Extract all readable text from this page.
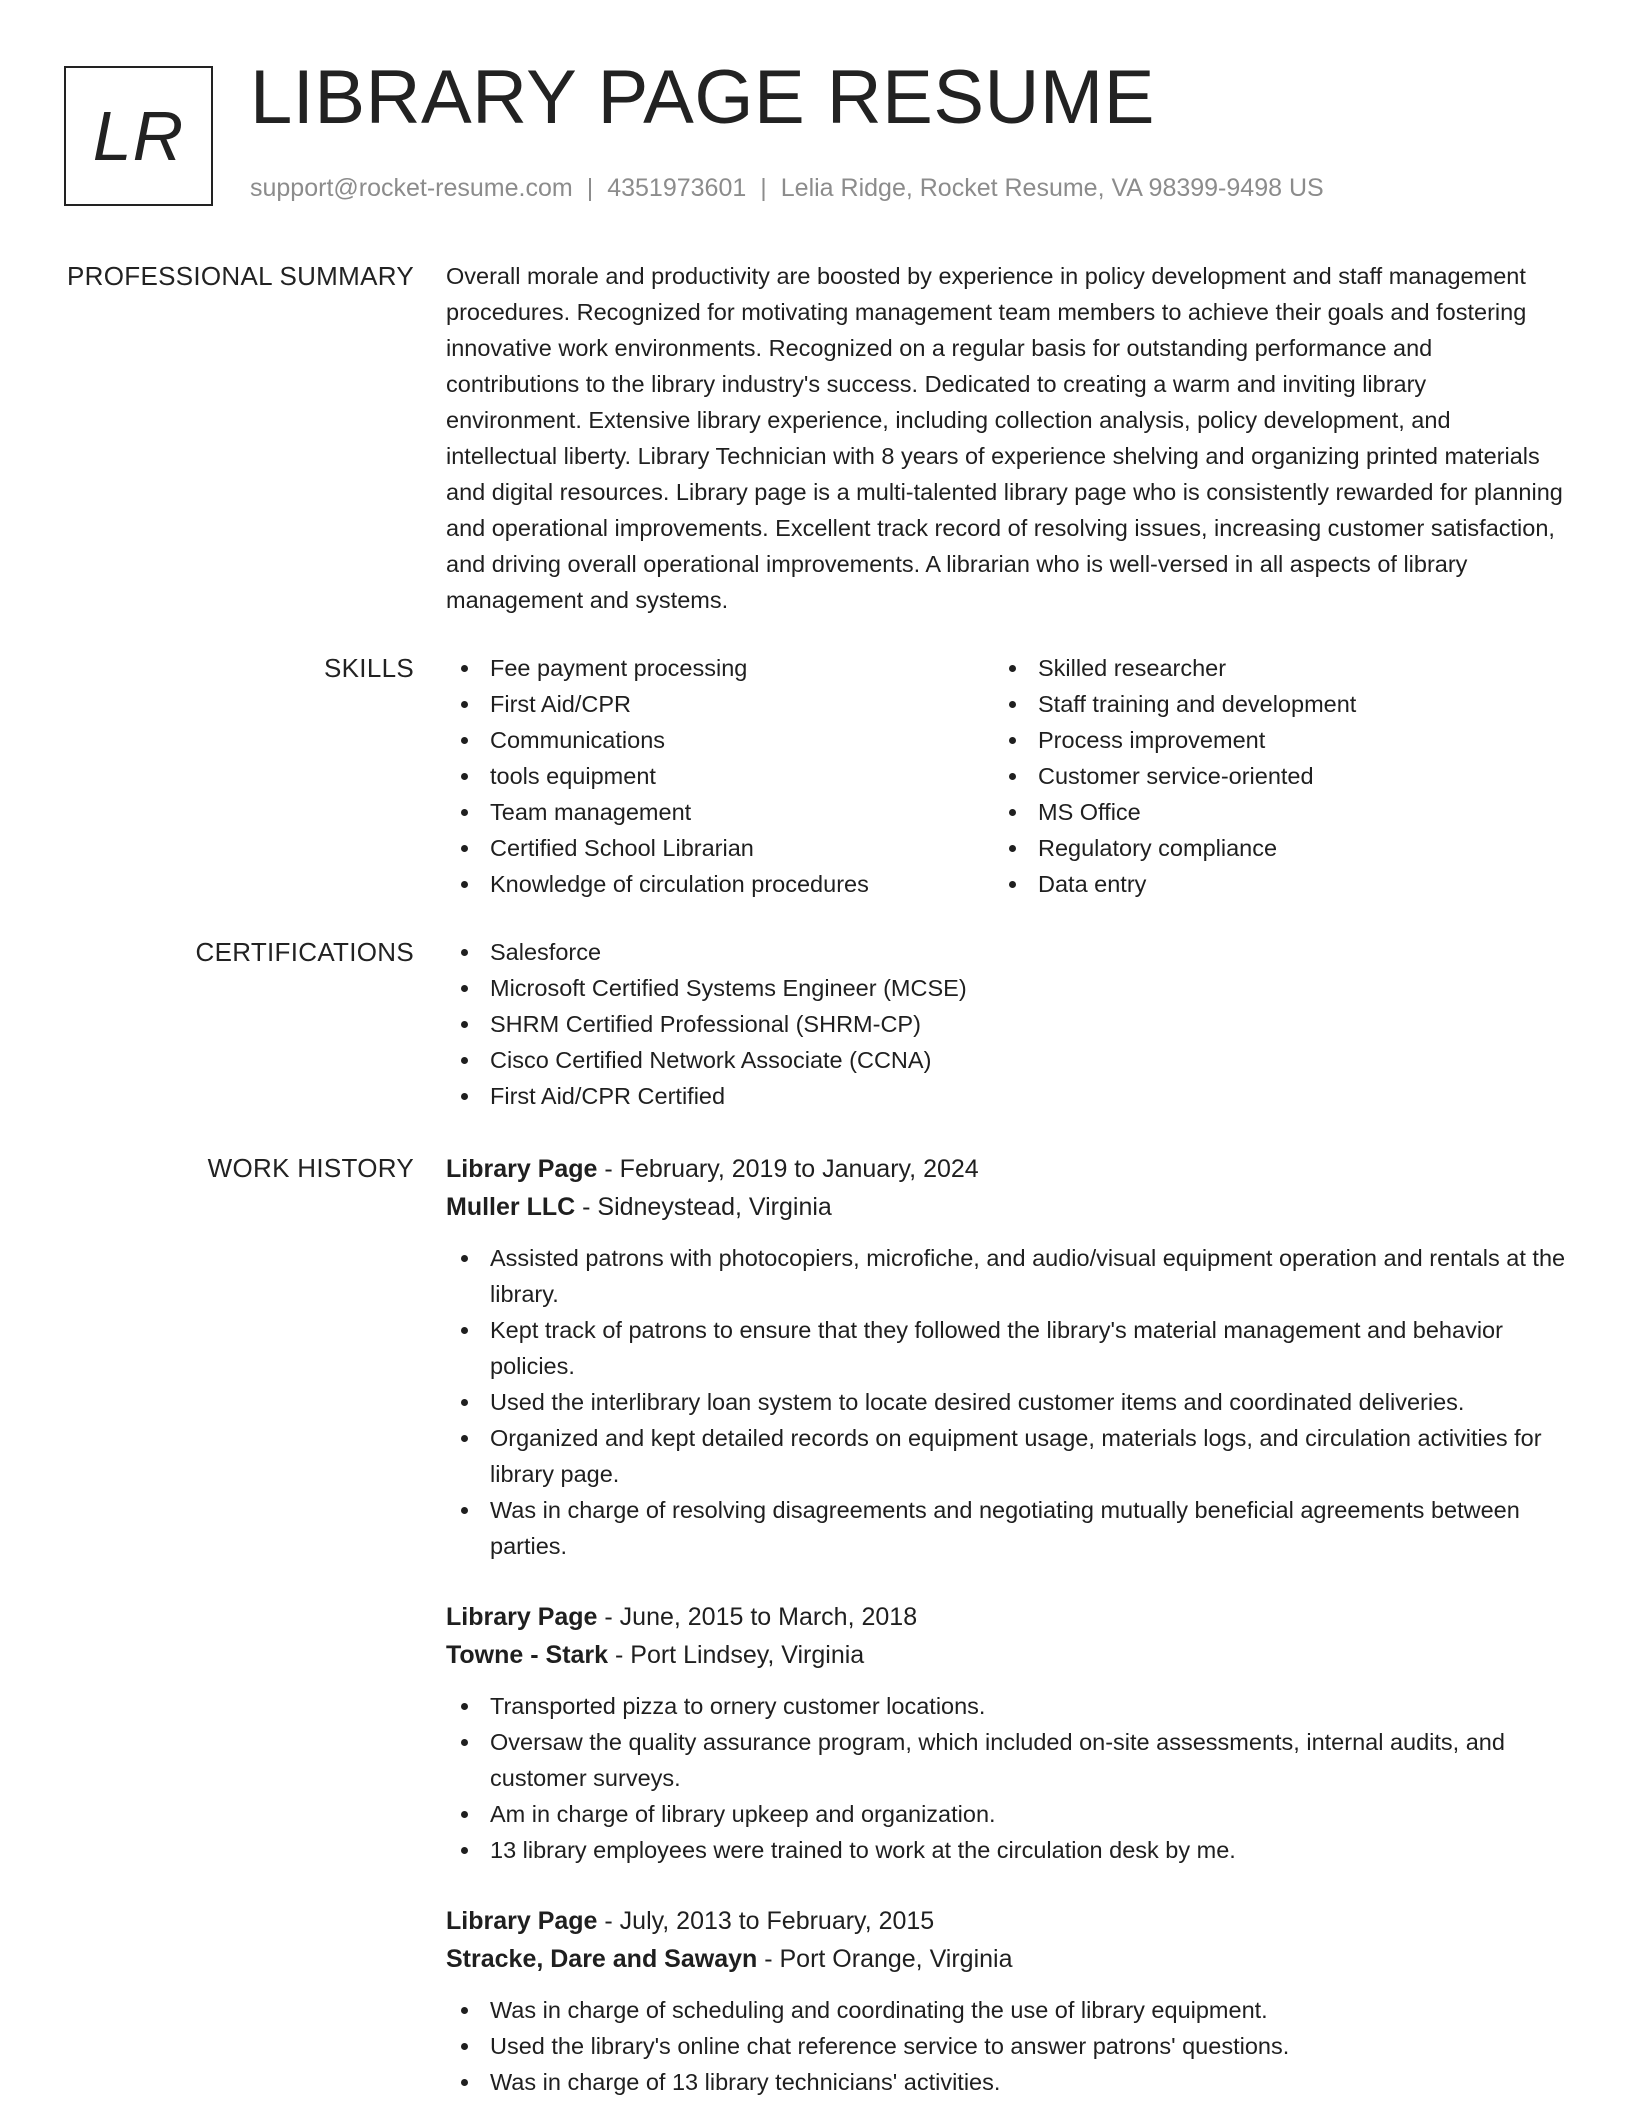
LR LIBRARY PAGE RESUME
support@rocket-resume.com | 4351973601 | Lelia Ridge, Rocket Resume, VA 98399-9498 US
PROFESSIONAL SUMMARY Overall morale and productivity are boosted by experience in policy development and staff management procedures. Recognized for motivating management team members to achieve their goals and fostering innovative work environments. Recognized on a regular basis for outstanding performance and contributions to the library industry's success. Dedicated to creating a warm and inviting library environment. Extensive library experience, including collection analysis, policy development, and intellectual liberty. Library Technician with 8 years of experience shelving and organizing printed materials and digital resources. Library page is a multi-talented library page who is consistently rewarded for planning and operational improvements. Excellent track record of resolving issues, increasing customer satisfaction, and driving overall operational improvements. A librarian who is well-versed in all aspects of library management and systems.

SKILLS	Fee payment processing
First Aid/CPR
Communications
tools equipment
Team management
Certified School Librarian
Knowledge of circulation procedures
Skilled researcher
Staff training and development
Process improvement
Customer service-oriented
MS Office
Regulatory compliance
Data entry
CERTIFICATIONS	Salesforce
Microsoft Certified Systems Engineer (MCSE)
SHRM Certified Professional (SHRM-CP)
Cisco Certified Network Associate (CCNA)
First Aid/CPR Certified
WORK HISTORY Library Page - February, 2019 to January, 2024
Muller LLC - Sidneystead, Virginia
Assisted patrons with photocopiers, microfiche, and audio/visual equipment operation and rentals at the library.
Kept track of patrons to ensure that they followed the library's material management and behavior policies.
Used the interlibrary loan system to locate desired customer items and coordinated deliveries.
Organized and kept detailed records on equipment usage, materials logs, and circulation activities for library page.
Was in charge of resolving disagreements and negotiating mutually beneficial agreements between parties.
Library Page - June, 2015 to March, 2018
Towne - Stark - Port Lindsey, Virginia
Transported pizza to ornery customer locations.
Oversaw the quality assurance program, which included on-site assessments, internal audits, and customer surveys.
Am in charge of library upkeep and organization.
13 library employees were trained to work at the circulation desk by me.
Library Page - July, 2013 to February, 2015
Stracke, Dare and Sawayn - Port Orange, Virginia
Was in charge of scheduling and coordinating the use of library equipment.
Used the library's online chat reference service to answer patrons' questions.
Was in charge of 13 library technicians' activities.
